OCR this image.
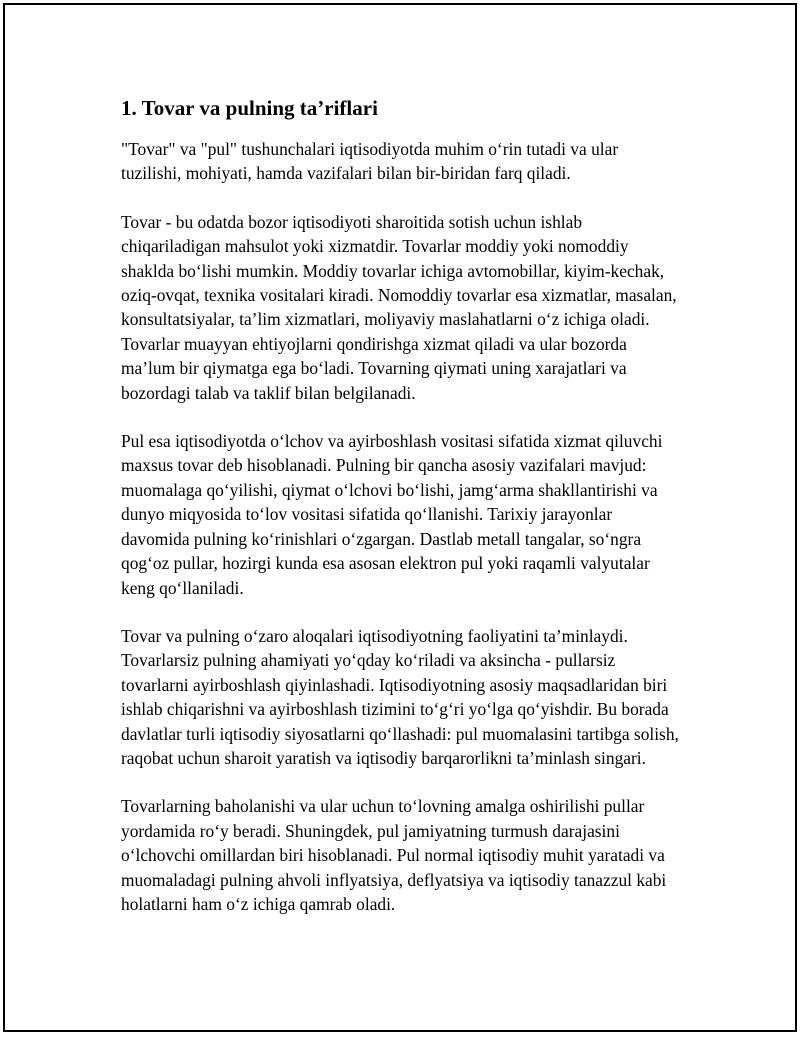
1. Tovar va pulning ta’riflari

"Tovar" va "pul" tushunchalari iqtisodiyotda muhim o‘rin tutadi va ular tuzilishi, mohiyati, hamda vazifalari bilan bir-biridan farq qiladi.

Tovar - bu odatda bozor iqtisodiyoti sharoitida sotish uchun ishlab chiqariladigan mahsulot yoki xizmatdir. Tovarlar moddiy yoki nomoddiy shaklda bo‘lishi mumkin. Moddiy tovarlar ichiga avtomobillar, kiyim-kechak, oziq-ovqat, texnika vositalari kiradi. Nomoddiy tovarlar esa xizmatlar, masalan, konsultatsiyalar, ta’lim xizmatlari, moliyaviy maslahatlarni o‘z ichiga oladi. Tovarlar muayyan ehtiyojlarni qondirishga xizmat qiladi va ular bozorda ma’lum bir qiymatga ega bo‘ladi. Tovarning qiymati uning xarajatlari va bozordagi talab va taklif bilan belgilanadi.

Pul esa iqtisodiyotda o‘lchov va ayirboshlash vositasi sifatida xizmat qiluvchi maxsus tovar deb hisoblanadi. Pulning bir qancha asosiy vazifalari mavjud: muomalaga qo‘yilishi, qiymat o‘lchovi bo‘lishi, jamg‘arma shakllantirishi va dunyo miqyosida to‘lov vositasi sifatida qo‘llanishi. Tarixiy jarayonlar davomida pulning ko‘rinishlari o‘zgargan. Dastlab metall tangalar, so‘ngra qog‘oz pullar, hozirgi kunda esa asosan elektron pul yoki raqamli valyutalar keng qo‘llaniladi.

Tovar va pulning o‘zaro aloqalari iqtisodiyotning faoliyatini ta’minlaydi. Tovarlarsiz pulning ahamiyati yo‘qday ko‘riladi va aksincha - pullarsiz tovarlarni ayirboshlash qiyinlashadi. Iqtisodiyotning asosiy maqsadlaridan biri ishlab chiqarishni va ayirboshlash tizimini to‘g‘ri yo‘lga qo‘yishdir. Bu borada davlatlar turli iqtisodiy siyosatlarni qo‘llashadi: pul muomalasini tartibga solish, raqobat uchun sharoit yaratish va iqtisodiy barqarorlikni ta’minlash singari.

Tovarlarning baholanishi va ular uchun to‘lovning amalga oshirilishi pullar yordamida ro‘y beradi. Shuningdek, pul jamiyatning turmush darajasini o‘lchovchi omillardan biri hisoblanadi. Pul normal iqtisodiy muhit yaratadi va muomaladagi pulning ahvoli inflyatsiya, deflyatsiya va iqtisodiy tanazzul kabi holatlarni ham o‘z ichiga qamrab oladi.
